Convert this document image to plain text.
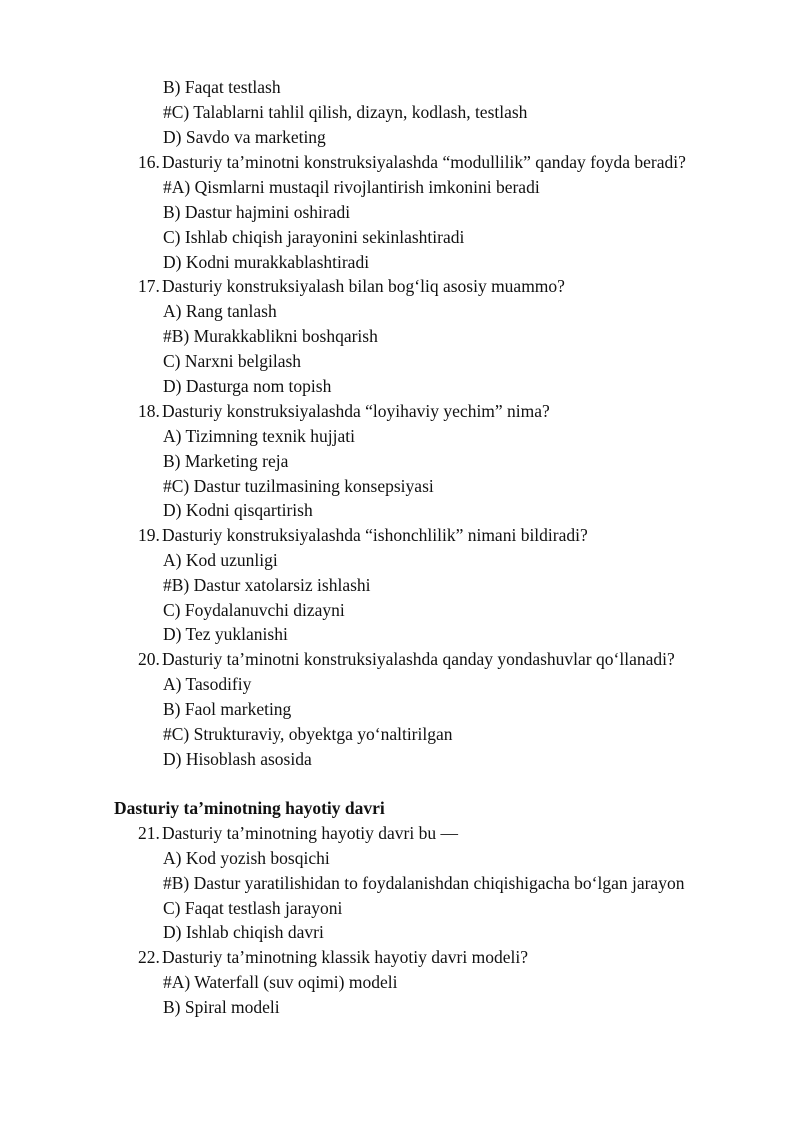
B) Faqat testlash
#C) Talablarni tahlil qilish, dizayn, kodlash, testlash
D) Savdo va marketing
16. Dasturiy ta’minotni konstruksiyalashda “modullilik” qanday foyda beradi?
#A) Qismlarni mustaqil rivojlantirish imkonini beradi
B) Dastur hajmini oshiradi
C) Ishlab chiqish jarayonini sekinlashtiradi
D) Kodni murakkablashtiradi
17. Dasturiy konstruksiyalash bilan bog‘liq asosiy muammo?
A) Rang tanlash
#B) Murakkablikni boshqarish
C) Narxni belgilash
D) Dasturga nom topish
18. Dasturiy konstruksiyalashda “loyihaviy yechim” nima?
A) Tizimning texnik hujjati
B) Marketing reja
#C) Dastur tuzilmasining konsepsiyasi
D) Kodni qisqartirish
19. Dasturiy konstruksiyalashda “ishonchlilik” nimani bildiradi?
A) Kod uzunligi
#B) Dastur xatolarsiz ishlashi
C) Foydalanuvchi dizayni
D) Tez yuklanishi
20. Dasturiy ta’minotni konstruksiyalashda qanday yondashuvlar qo‘llanadi?
A) Tasodifiy
B) Faol marketing
#C) Strukturaviy, obyektga yo‘naltirilgan
D) Hisoblash asosida
Dasturiy ta’minotning hayotiy davri
21. Dasturiy ta’minotning hayotiy davri bu —
A) Kod yozish bosqichi
#B) Dastur yaratilishidan to foydalanishdan chiqishigacha bo‘lgan jarayon
C) Faqat testlash jarayoni
D) Ishlab chiqish davri
22. Dasturiy ta’minotning klassik hayotiy davri modeli?
#A) Waterfall (suv oqimi) modeli
B) Spiral modeli
